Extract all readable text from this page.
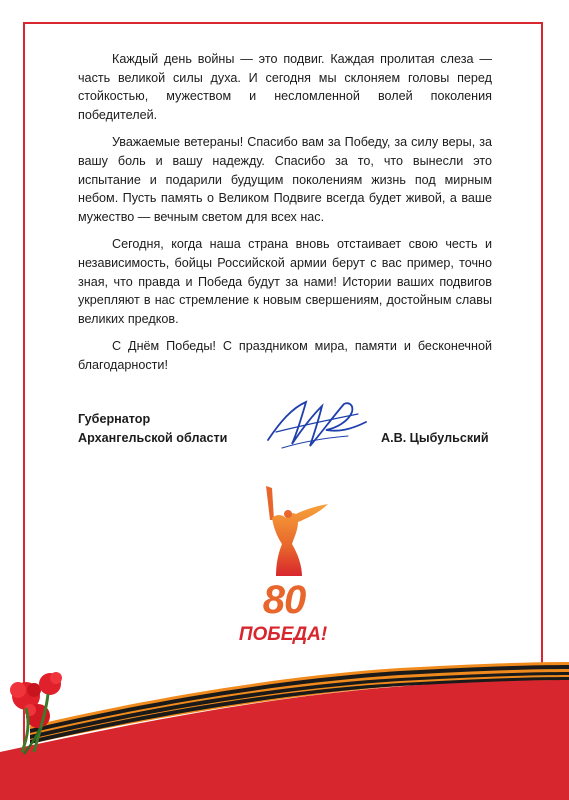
Каждый день войны — это подвиг. Каждая пролитая слеза — часть великой силы духа. И сегодня мы склоняем головы перед стойкостью, мужеством и несломленной волей поколения победителей.

Уважаемые ветераны! Спасибо вам за Победу, за силу веры, за вашу боль и вашу надежду. Спасибо за то, что вынесли это испытание и подарили будущим поколениям жизнь под мирным небом. Пусть память о Великом Подвиге всегда будет живой, а ваше мужество — вечным светом для всех нас.

Сегодня, когда наша страна вновь отстаивает свою честь и независимость, бойцы Российской армии берут с вас пример, точно зная, что правда и Победа будут за нами! Истории ваших подвигов укрепляют в нас стремление к новым свершениям, достойным славы великих предков.

С Днём Победы! С праздником мира, памяти и бесконечной благодарности!

Губернатор
Архангельской области	А.В. Цыбульский
80
ПОБЕДА!
